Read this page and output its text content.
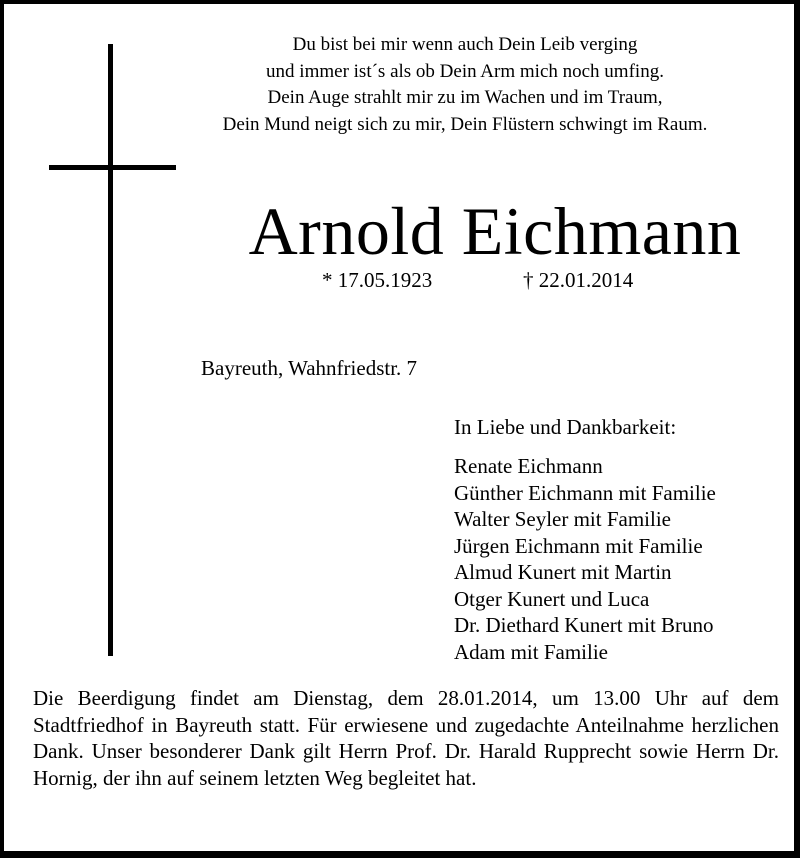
Du bist bei mir wenn auch Dein Leib verging
und immer ist´s als ob Dein Arm mich noch umfing.
Dein Auge strahlt mir zu im Wachen und im Traum,
Dein Mund neigt sich zu mir, Dein Flüstern schwingt im Raum.
Arnold Eichmann
* 17.05.1923	† 22.01.2014
Bayreuth, Wahnfriedstr. 7
In Liebe und Dankbarkeit:
Renate Eichmann
Günther Eichmann mit Familie
Walter Seyler mit Familie
Jürgen Eichmann mit Familie
Almud Kunert mit Martin
Otger Kunert und Luca
Dr. Diethard Kunert mit Bruno
Adam mit Familie
Die Beerdigung findet am Dienstag, dem 28.01.2014, um 13.00 Uhr auf dem Stadtfriedhof in Bayreuth statt. Für erwiesene und zugedachte Anteilnahme herzlichen Dank. Unser besonderer Dank gilt Herrn Prof. Dr. Harald Rupprecht sowie Herrn Dr. Hornig, der ihn auf seinem letzten Weg begleitet hat.
